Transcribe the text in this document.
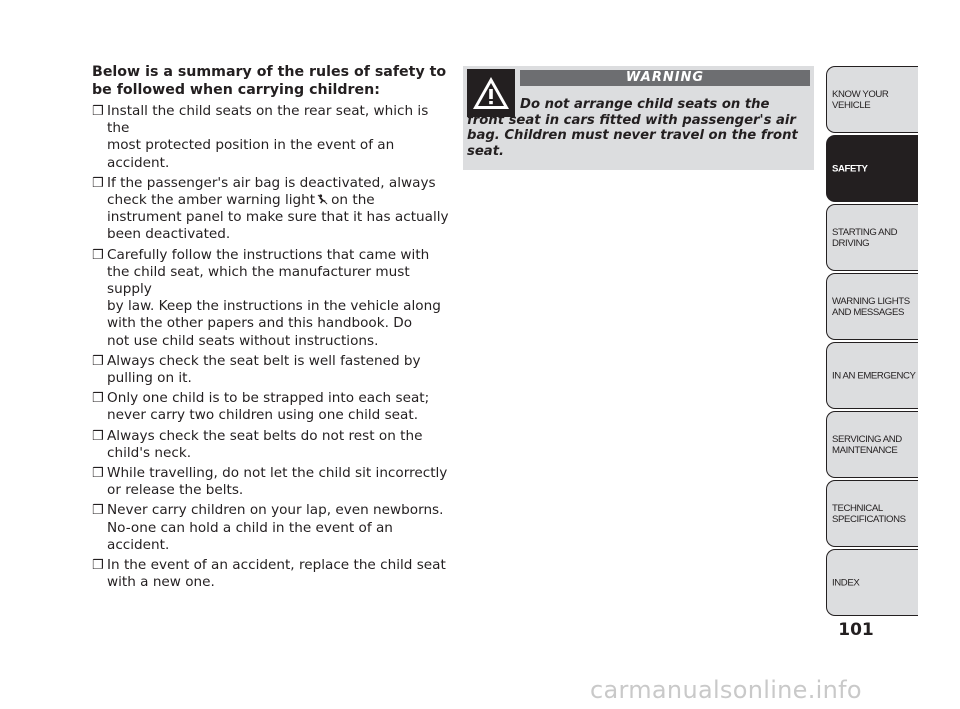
Below is a summary of the rules of safety to be followed when carrying children:
❒ Install the child seats on the rear seat, which is the
most protected position in the event of an
accident.
❒ If the passenger's air bag is deactivated, always
check the amber warning light on the
instrument panel to make sure that it has actually
been deactivated.
❒ Carefully follow the instructions that came with
the child seat, which the manufacturer must supply
by law. Keep the instructions in the vehicle along
with the other papers and this handbook. Do
not use child seats without instructions.
❒ Always check the seat belt is well fastened by
pulling on it.
❒ Only one child is to be strapped into each seat;
never carry two children using one child seat.
❒ Always check the seat belts do not rest on the
child's neck.
❒ While travelling, do not let the child sit incorrectly
or release the belts.
❒ Never carry children on your lap, even newborns.
No-one can hold a child in the event of an
accident.
❒ In the event of an accident, replace the child seat
with a new one.
WARNING
Do not arrange child seats on the front seat in cars fitted with passenger's air bag. Children must never travel on the front seat.
KNOW YOUR
VEHICLE
SAFETY
STARTING AND
DRIVING
WARNING LIGHTS
AND MESSAGES
IN AN EMERGENCY
SERVICING AND
MAINTENANCE
TECHNICAL
SPECIFICATIONS
INDEX
101
carmanualsonline.info
